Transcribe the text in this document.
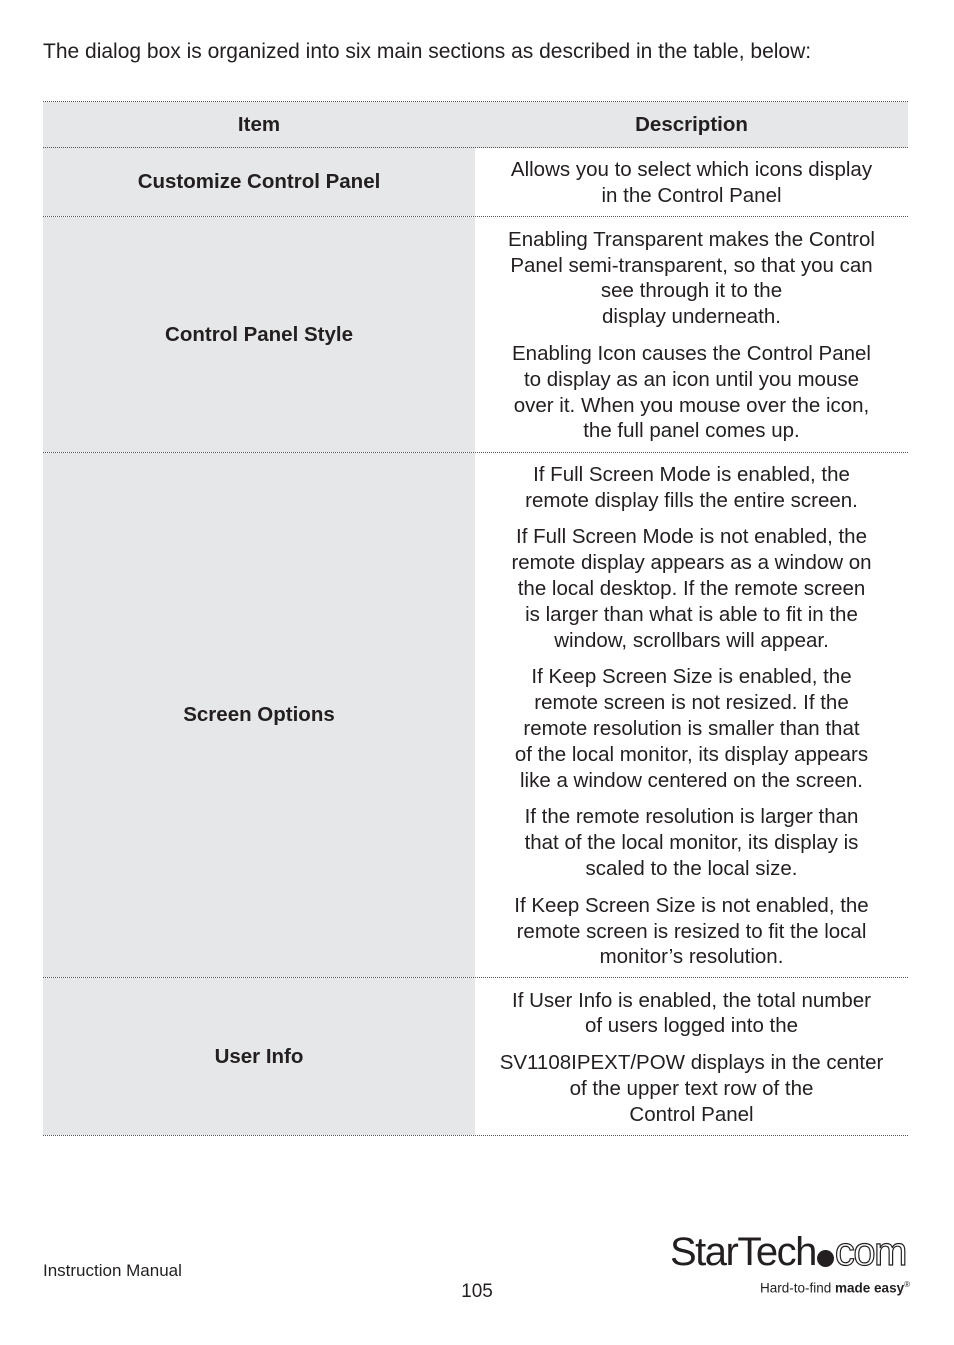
The dialog box is organized into six main sections as described in the table, below:
Item	Description
Customize Control Panel

Allows you to select which icons display
in the Control Panel

Control Panel Style

Enabling Transparent makes the Control
Panel semi-transparent, so that you can
see through it to the
display underneath.

Enabling Icon causes the Control Panel
to display as an icon until you mouse
over it. When you mouse over the icon,
the full panel comes up.

Screen Options

If Full Screen Mode is enabled, the
remote display fills the entire screen.

If Full Screen Mode is not enabled, the
remote display appears as a window on
the local desktop. If the remote screen
is larger than what is able to fit in the
window, scrollbars will appear.

If Keep Screen Size is enabled, the
remote screen is not resized. If the
remote resolution is smaller than that
of the local monitor, its display appears
like a window centered on the screen.

If the remote resolution is larger than
that of the local monitor, its display is
scaled to the local size.

If Keep Screen Size is not enabled, the
remote screen is resized to fit the local
monitor’s resolution.

User Info

If User Info is enabled, the total number
of users logged into the

SV1108IPEXT/POW displays in the center
of the upper text row of the
Control Panel

Instruction Manual
105
StarTech com
Hard-to-find made easy®
